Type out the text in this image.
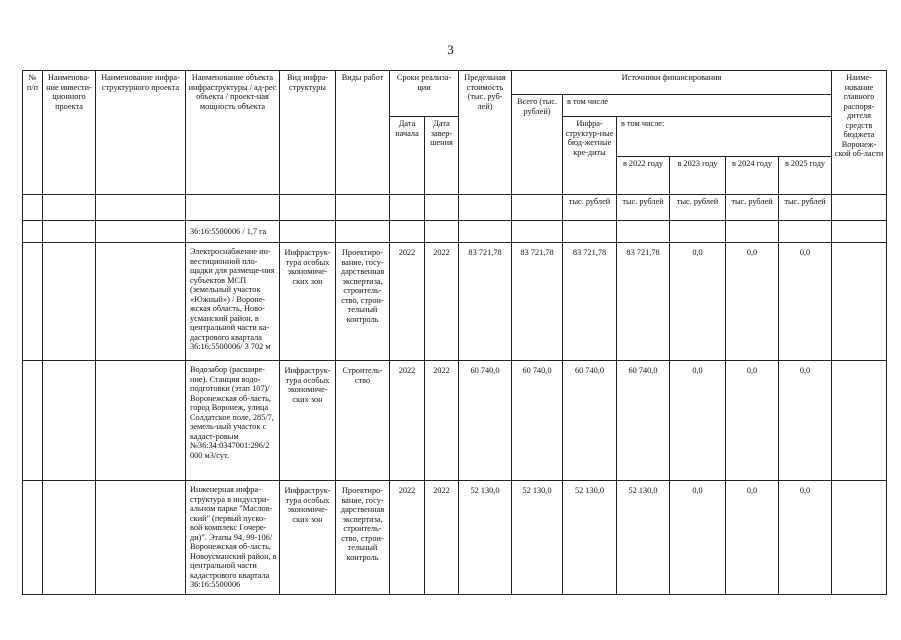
3
№ п/п	Наименова-ние инвести-ционного проекта	Наименование инфра-структурного проекта	Наименование объекта инфраструктуры / ад-рес объекта / проект-ная мощность объекта	Вид инфра-структуры	Виды работ	Сроки реализа-ции		Предельная стоимость (тыс. руб-лей)	Источники финансирования						Наиме-нование главного распоря-дителя средств бюджета Воронеж-ской об-ласти
									Всего (тыс. рублей)	в том числе					
						Дата начала	Дата завер-шения			Инфра-структур-ные бюд-жетные кре-диты	в том числе:				
											в 2022 году	в 2023 году	в 2024 году	в 2025 году	
										тыс. рублей	тыс. рублей	тыс. рублей	тыс. рублей	тыс. рублей	
			36:16:5500006 / 1,7 га												
			Электроснабжение ин-вестиционной пло-щадки для размеще-ния субъектов МСП (земельный участок «Южный») / Вороне-жская область, Ново-усманский район, в центральной части ка-дастрового квартала 36:16:5500006/ 3 702 м	Инфраструк-тура особых экономиче-ских зон	Проектиро-вание, госу-дарственная экспертиза, строитель-ство, строи-тельный контроль	2022	2022	83 721,78	83 721,78	83 721,78	83 721,78	0,0	0,0	0,0	
			Водозабор (расшире-ние). Станция водо-подготовки (этап 107)/Воронежская об-ласть, город Воронеж, улица Солдатское поле, 285/7, земель-ный участок с кадаст-ровым №36:34:0347001:296/2 000 м3/сут.	Инфраструк-тура особых экономиче-ских зон	Строитель-ство	2022	2022	60 740,0	60 740,0	60 740,0	60 740,0	0,0	0,0	0,0	
			Инженерная инфра-структура в индустри-альном парке "Маслов-ский" (первый пуско-вой комплекс I очере-ди)". Этапы 94, 99-106/ Воронежская об-ласть, Новоусманский район, в центральной части кадастрового квартала 36:16:5500006	Инфраструк-тура особых экономиче-ских зон	Проектиро-вание, госу-дарственная экспертиза, строитель-ство, строи-тельный контроль	2022	2022	52 130,0	52 130,0	52 130,0	52 130,0	0,0	0,0	0,0	
